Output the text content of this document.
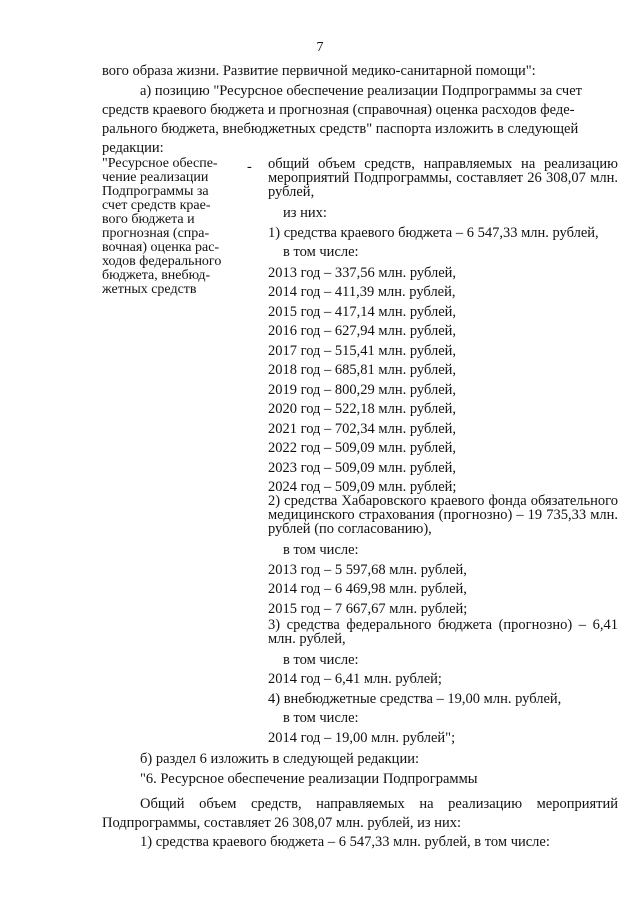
7
вого образа жизни. Развитие первичной медико-санитарной помощи":
а) позицию "Ресурсное обеспечение реализации Подпрограммы за счет
средств краевого бюджета и прогнозная (справочная) оценка расходов феде-
рального бюджета, внебюджетных средств" паспорта изложить в следующей
редакции:
"Ресурсное обеспе-
чение реализации
Подпрограммы за
счет средств крае-
вого бюджета и
прогнозная (спра-
вочная) оценка рас-
ходов федерального
бюджета, внебюд-
жетных средств
- общий объем средств, направляемых на реализацию мероприятий Подпрограммы, составляет 26 308,07 млн. рублей,
из них:
1) средства краевого бюджета – 6 547,33 млн. рублей,
в том числе:
2013 год – 337,56 млн. рублей,
2014 год – 411,39 млн. рублей,
2015 год – 417,14 млн. рублей,
2016 год – 627,94 млн. рублей,
2017 год – 515,41 млн. рублей,
2018 год – 685,81 млн. рублей,
2019 год – 800,29 млн. рублей,
2020 год – 522,18 млн. рублей,
2021 год – 702,34 млн. рублей,
2022 год – 509,09 млн. рублей,
2023 год – 509,09 млн. рублей,
2024 год – 509,09 млн. рублей;
2) средства Хабаровского краевого фонда обязательного медицинского страхования (прогнозно) – 19 735,33 млн. рублей (по согласованию),
в том числе:
2013 год – 5 597,68 млн. рублей,
2014 год – 6 469,98 млн. рублей,
2015 год – 7 667,67 млн. рублей;
3) средства федерального бюджета (прогнозно) – 6,41 млн. рублей,
в том числе:
2014 год – 6,41 млн. рублей;
4) внебюджетные средства – 19,00 млн. рублей,
в том числе:
2014 год – 19,00 млн. рублей";
б) раздел 6 изложить в следующей редакции:
"6. Ресурсное обеспечение реализации Подпрограммы
Общий объем средств, направляемых на реализацию мероприятий
Подпрограммы, составляет 26 308,07 млн. рублей, из них:
1) средства краевого бюджета – 6 547,33 млн. рублей, в том числе:
